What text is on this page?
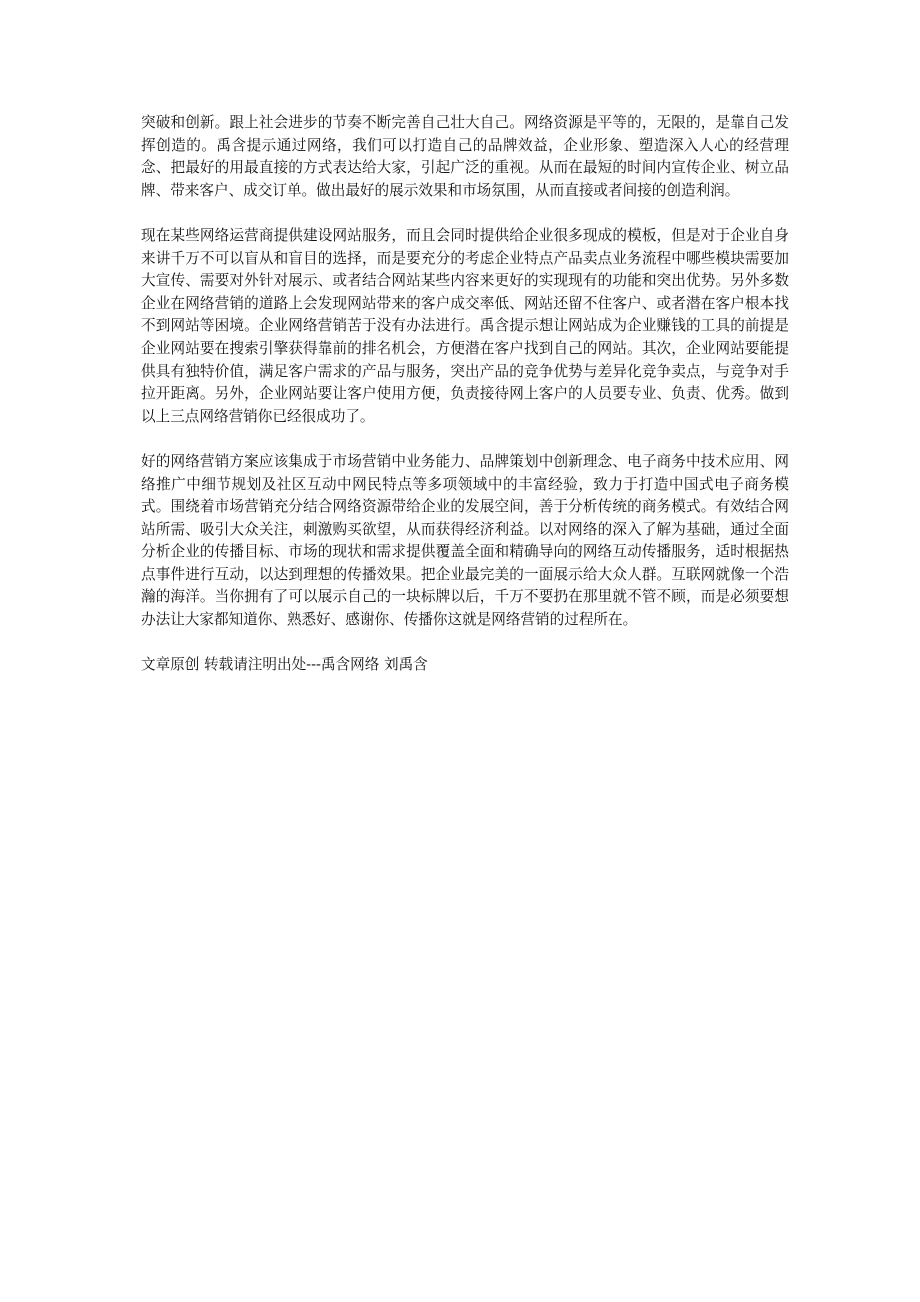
突破和创新。跟上社会进步的节奏不断完善自己壮大自己。网络资源是平等的，无限的，是靠自己发挥创造的。禹含提示通过网络，我们可以打造自己的品牌效益，企业形象、塑造深入人心的经营理念、把最好的用最直接的方式表达给大家，引起广泛的重视。从而在最短的时间内宣传企业、树立品牌、带来客户、成交订单。做出最好的展示效果和市场氛围，从而直接或者间接的创造利润。

现在某些网络运营商提供建设网站服务，而且会同时提供给企业很多现成的模板，但是对于企业自身来讲千万不可以盲从和盲目的选择，而是要充分的考虑企业特点产品卖点业务流程中哪些模块需要加大宣传、需要对外针对展示、或者结合网站某些内容来更好的实现现有的功能和突出优势。另外多数企业在网络营销的道路上会发现网站带来的客户成交率低、网站还留不住客户、或者潜在客户根本找不到网站等困境。企业网络营销苦于没有办法进行。禹含提示想让网站成为企业赚钱的工具的前提是 企业网站要在搜索引擎获得靠前的排名机会，方便潜在客户找到自己的网站。其次，企业网站要能提供具有独特价值，满足客户需求的产品与服务，突出产品的竞争优势与差异化竞争卖点，与竞争对手拉开距离。另外，企业网站要让客户使用方便，负责接待网上客户的人员要专业、负责、优秀。做到以上三点网络营销你已经很成功了。

好的网络营销方案应该集成于市场营销中业务能力、品牌策划中创新理念、电子商务中技术应用、网络推广中细节规划及社区互动中网民特点等多项领域中的丰富经验，致力于打造中国式电子商务模式。围绕着市场营销充分结合网络资源带给企业的发展空间，善于分析传统的商务模式。有效结合网站所需、吸引大众关注，刺激购买欲望，从而获得经济利益。以对网络的深入了解为基础，通过全面分析企业的传播目标、市场的现状和需求提供覆盖全面和精确导向的网络互动传播服务，适时根据热点事件进行互动，以达到理想的传播效果。把企业最完美的一面展示给大众人群。互联网就像一个浩瀚的海洋。当你拥有了可以展示自己的一块标牌以后，千万不要扔在那里就不管不顾，而是必须要想办法让大家都知道你、熟悉好、感谢你、传播你这就是网络营销的过程所在。

文章原创 转载请注明出处---禹含网络 刘禹含
